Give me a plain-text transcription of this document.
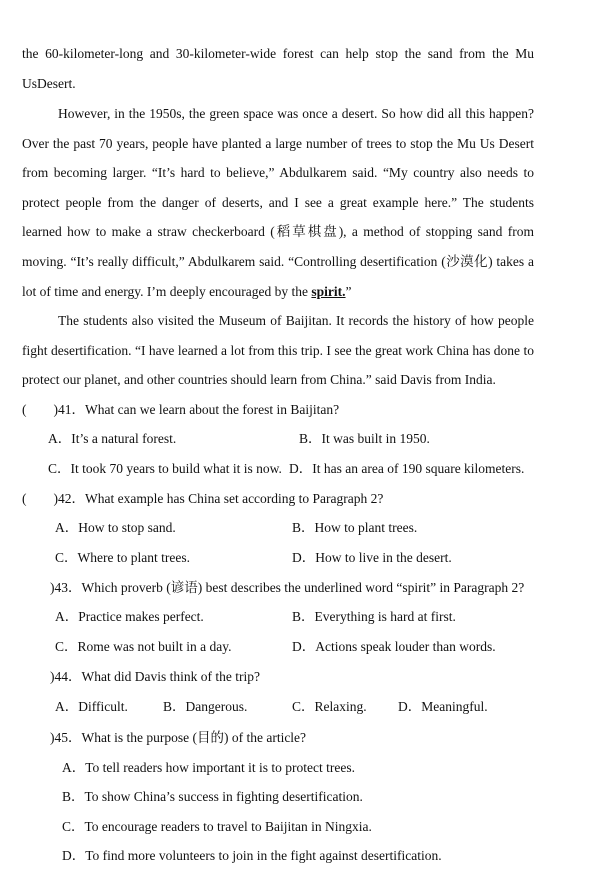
the 60-kilometer-long and 30-kilometer-wide forest can help stop the sand from the Mu
UsDesert.
However, in the 1950s, the green space was once a desert. So how did all this happen?
Over the past 70 years, people have planted a large number of trees to stop the Mu Us Desert
from becoming larger. “It’s hard to believe,” Abdulkarem said. “My country also needs to
protect people from the danger of deserts, and I see a great example here.” The students
learned how to make a straw checkerboard (稻草棋盘), a method of stopping sand from
moving. “It’s really difficult,” Abdulkarem said. “Controlling desertification (沙漠化) takes a
lot of time and energy. I’m deeply encouraged by the spirit.”
The students also visited the Museum of Baijitan. It records the history of how people
fight desertification. “I have learned a lot from this trip. I see the great work China has done to
protect our planet, and other countries should learn from China.” said Davis from India.
(　　)41．What can we learn about the forest in Baijitan?
A．It’s a natural forest.	B．It was built in 1950.
C．It took 70 years to build what it is now. D．It has an area of 190 square kilometers.
(　　)42．What example has China set according to Paragraph 2?
A．How to stop sand.	B．How to plant trees.
C．Where to plant trees.	D．How to live in the desert.
)43．Which proverb (谚语) best describes the underlined word “spirit” in Paragraph 2?
A．Practice makes perfect.	B．Everything is hard at first.
C．Rome was not built in a day.	D．Actions speak louder than words.
)44．What did Davis think of the trip?
A．Difficult.	B．Dangerous.	C．Relaxing. D．Meaningful.
)45．What is the purpose (目的) of the article?
A．To tell readers how important it is to protect trees.
B．To show China’s success in fighting desertification.
C．To encourage readers to travel to Baijitan in Ningxia.
D．To find more volunteers to join in the fight against desertification.
